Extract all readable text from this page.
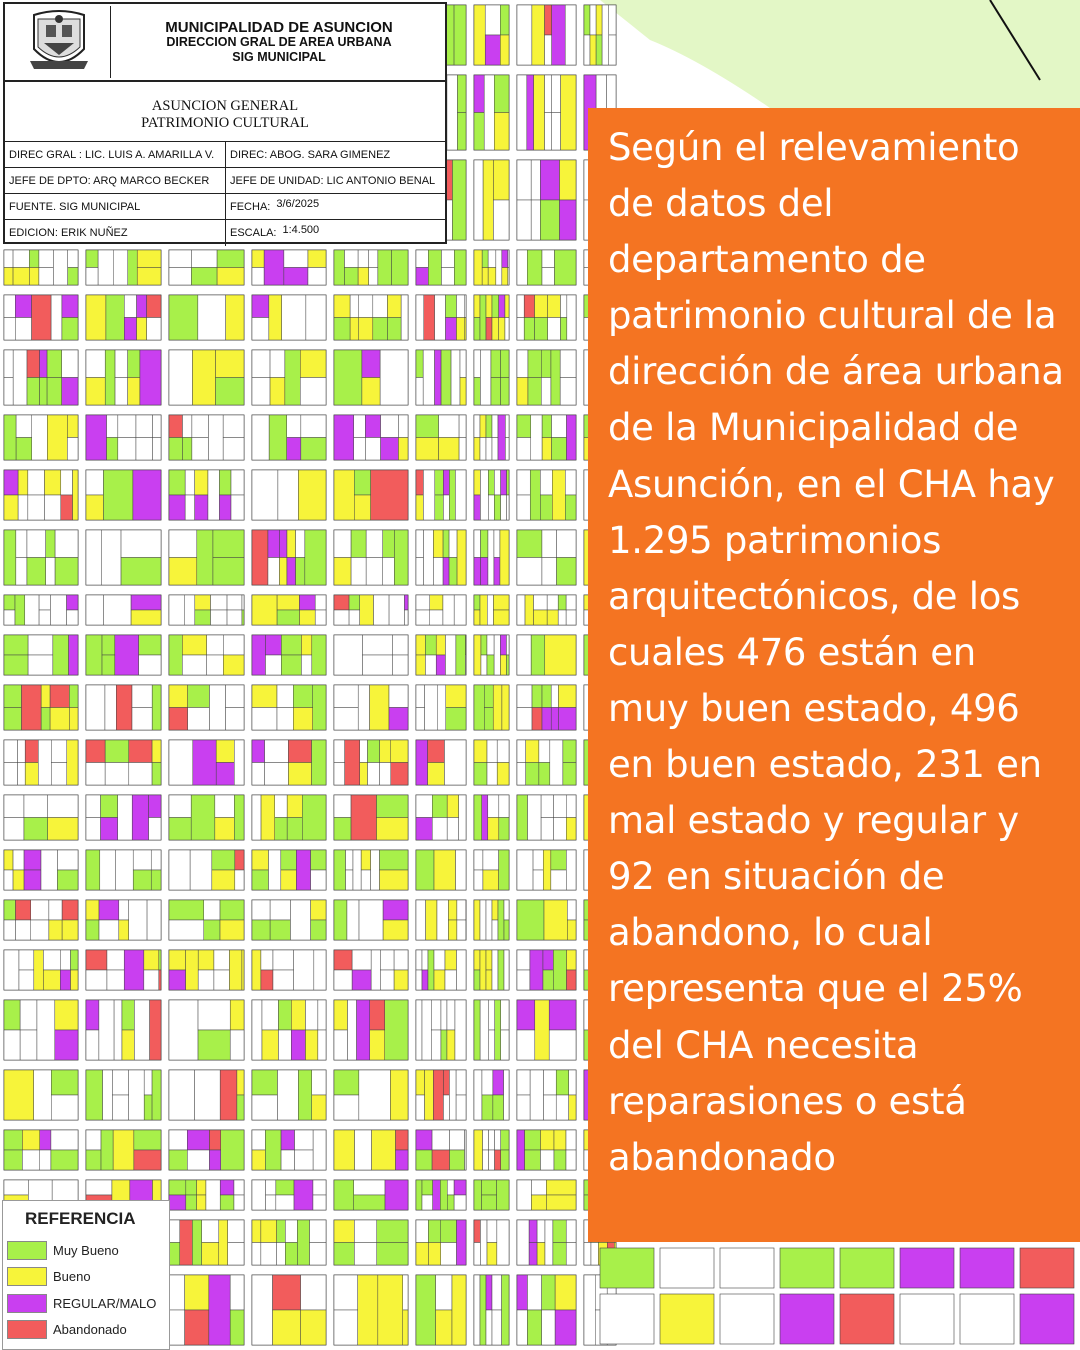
MUNICIPALIDAD DE ASUNCION
DIRECCION GRAL DE AREA URBANA
SIG MUNICIPAL
ASUNCION GENERAL
PATRIMONIO CULTURAL
DIREC GRAL : LIC. LUIS A. AMARILLA V.	DIREC: ABOG. SARA GIMENEZ
JEFE DE DPTO: ARQ MARCO BECKER	JEFE DE UNIDAD: LIC ANTONIO BENAL
FUENTE. SIG MUNICIPAL	FECHA: 3/6/2025
EDICION: ERIK NUÑEZ	ESCALA: 1:4.500

Según el relevamiento de datos del departamento de patrimonio cultural de la dirección de área urbana de la Municipalidad de Asunción, en el CHA hay 1.295 patrimonios arquitectónicos, de los cuales 476 están en muy buen estado, 496 en buen estado, 231 en mal estado y regular y 92 en situación de abandono, lo cual representa que el 25% del CHA necesita reparasiones o está abandonado

REFERENCIA
Muy Bueno
Bueno
REGULAR/MALO
Abandonado
